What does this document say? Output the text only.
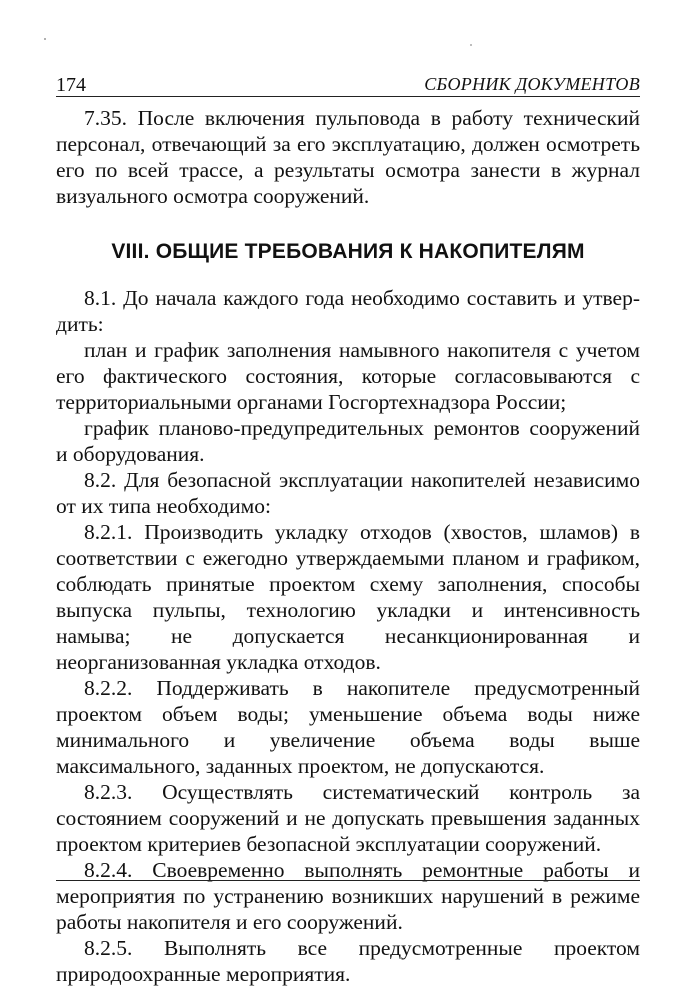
174	СБОРНИК ДОКУМЕНТОВ

7.35. После включения пульповода в работу технический персонал, отвечающий за его эксплуатацию, должен осмотреть его по всей трассе, а результаты осмотра занести в журнал визуального осмотра сооружений.

VIII. ОБЩИЕ ТРЕБОВАНИЯ К НАКОПИТЕЛЯМ

8.1. До начала каждого года необходимо составить и утвердить:

план и график заполнения намывного накопителя с учетом его фактического состояния, которые согласовываются с территориальными органами Госгортехнадзора России;

график планово-предупредительных ремонтов сооружений и оборудования.

8.2. Для безопасной эксплуатации накопителей независимо от их типа необходимо:

8.2.1. Производить укладку отходов (хвостов, шламов) в соответствии с ежегодно утверждаемыми планом и графиком, соблюдать принятые проектом схему заполнения, способы выпуска пульпы, технологию укладки и интенсивность намыва; не допускается несанкционированная и неорганизованная укладка отходов.

8.2.2. Поддерживать в накопителе предусмотренный проектом объем воды; уменьшение объема воды ниже минимального и увеличение объема воды выше максимального, заданных проектом, не допускаются.

8.2.3. Осуществлять систематический контроль за состоянием сооружений и не допускать превышения заданных проектом критериев безопасной эксплуатации сооружений.

8.2.4. Своевременно выполнять ремонтные работы и мероприятия по устранению возникших нарушений в режиме работы накопителя и его сооружений.

8.2.5. Выполнять все предусмотренные проектом природоохранные мероприятия.
